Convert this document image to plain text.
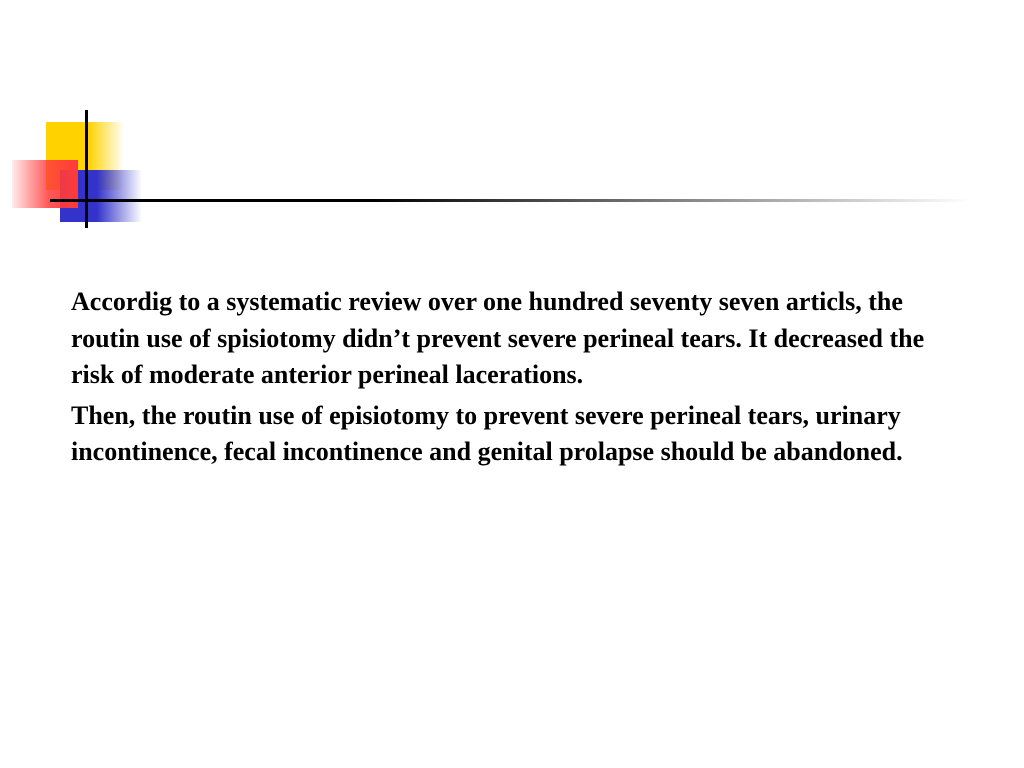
Accordig to a systematic review over one hundred seventy seven articls, the routin use of spisiotomy didn’t prevent severe perineal tears. It decreased the risk of moderate anterior perineal lacerations.

Then, the routin use of episiotomy to prevent severe perineal tears, urinary incontinence, fecal incontinence and genital prolapse should be abandoned.
